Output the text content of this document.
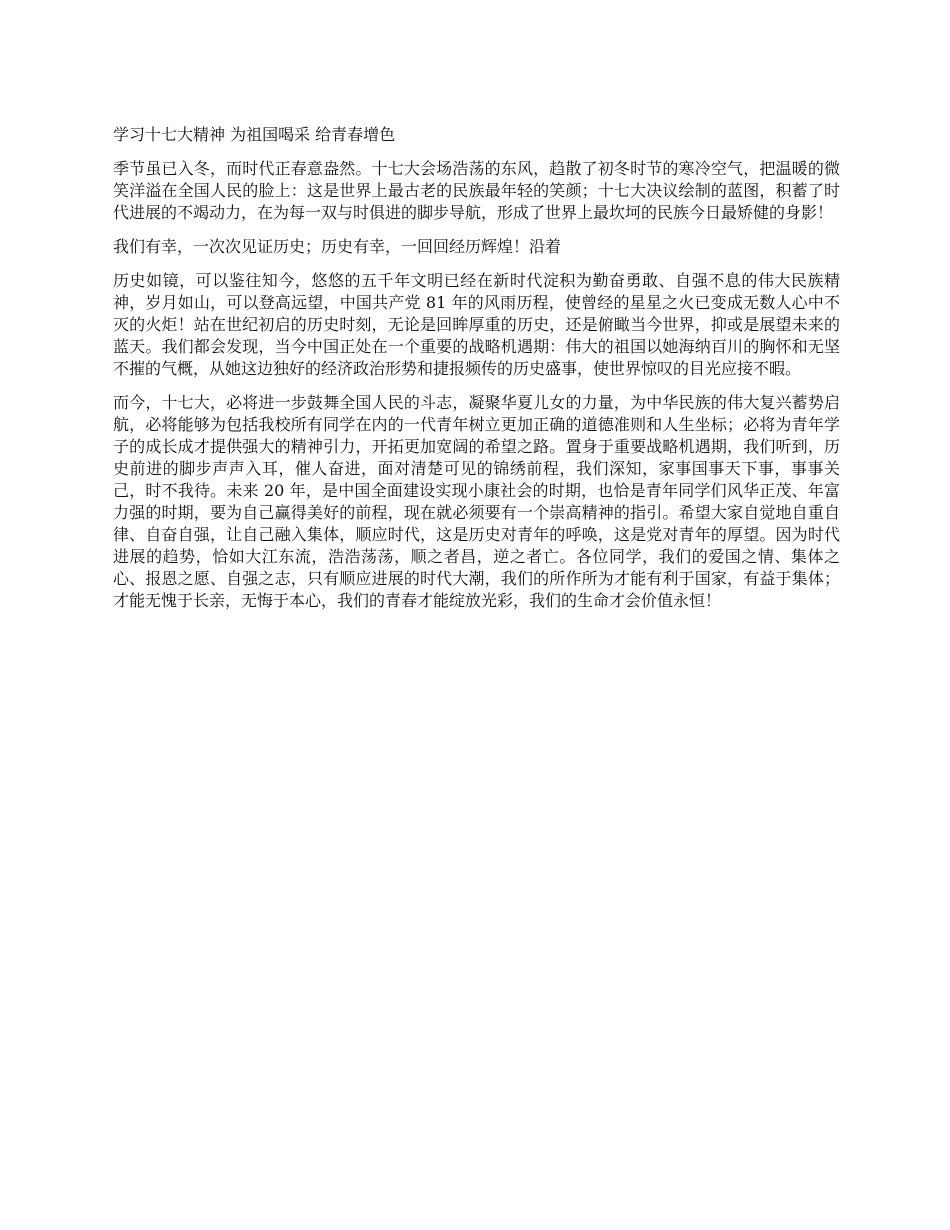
学习十七大精神 为祖国喝采 给青春增色

季节虽已入冬，而时代正春意盎然。十七大会场浩荡的东风，趋散了初冬时节的寒冷空气，把温暖的微笑洋溢在全国人民的脸上：这是世界上最古老的民族最年轻的笑颜；十七大决议绘制的蓝图，积蓄了时代进展的不竭动力，在为每一双与时俱进的脚步导航，形成了世界上最坎坷的民族今日最矫健的身影！

我们有幸，一次次见证历史；历史有幸，一回回经历辉煌！沿着

历史如镜，可以鉴往知今，悠悠的五千年文明已经在新时代淀积为勤奋勇敢、自强不息的伟大民族精神，岁月如山，可以登高远望，中国共产党 81 年的风雨历程，使曾经的星星之火已变成无数人心中不灭的火炬！站在世纪初启的历史时刻，无论是回眸厚重的历史，还是俯瞰当今世界，抑或是展望未来的蓝天。我们都会发现，当今中国正处在一个重要的战略机遇期：伟大的祖国以她海纳百川的胸怀和无坚不摧的气概，从她这边独好的经济政治形势和捷报频传的历史盛事，使世界惊叹的目光应接不暇。

而今，十七大，必将进一步鼓舞全国人民的斗志，凝聚华夏儿女的力量，为中华民族的伟大复兴蓄势启航，必将能够为包括我校所有同学在内的一代青年树立更加正确的道德准则和人生坐标；必将为青年学子的成长成才提供强大的精神引力，开拓更加宽阔的希望之路。置身于重要战略机遇期，我们听到，历史前进的脚步声声入耳，催人奋进，面对清楚可见的锦绣前程，我们深知，家事国事天下事，事事关己，时不我待。未来 20 年，是中国全面建设实现小康社会的时期，也恰是青年同学们风华正茂、年富力强的时期，要为自己赢得美好的前程，现在就必须要有一个崇高精神的指引。希望大家自觉地自重自律、自奋自强，让自己融入集体，顺应时代，这是历史对青年的呼唤，这是党对青年的厚望。因为时代进展的趋势，恰如大江东流，浩浩荡荡，顺之者昌，逆之者亡。各位同学，我们的爱国之情、集体之心、报恩之愿、自强之志，只有顺应进展的时代大潮，我们的所作所为才能有利于国家，有益于集体；才能无愧于长亲，无悔于本心，我们的青春才能绽放光彩，我们的生命才会价值永恒！
